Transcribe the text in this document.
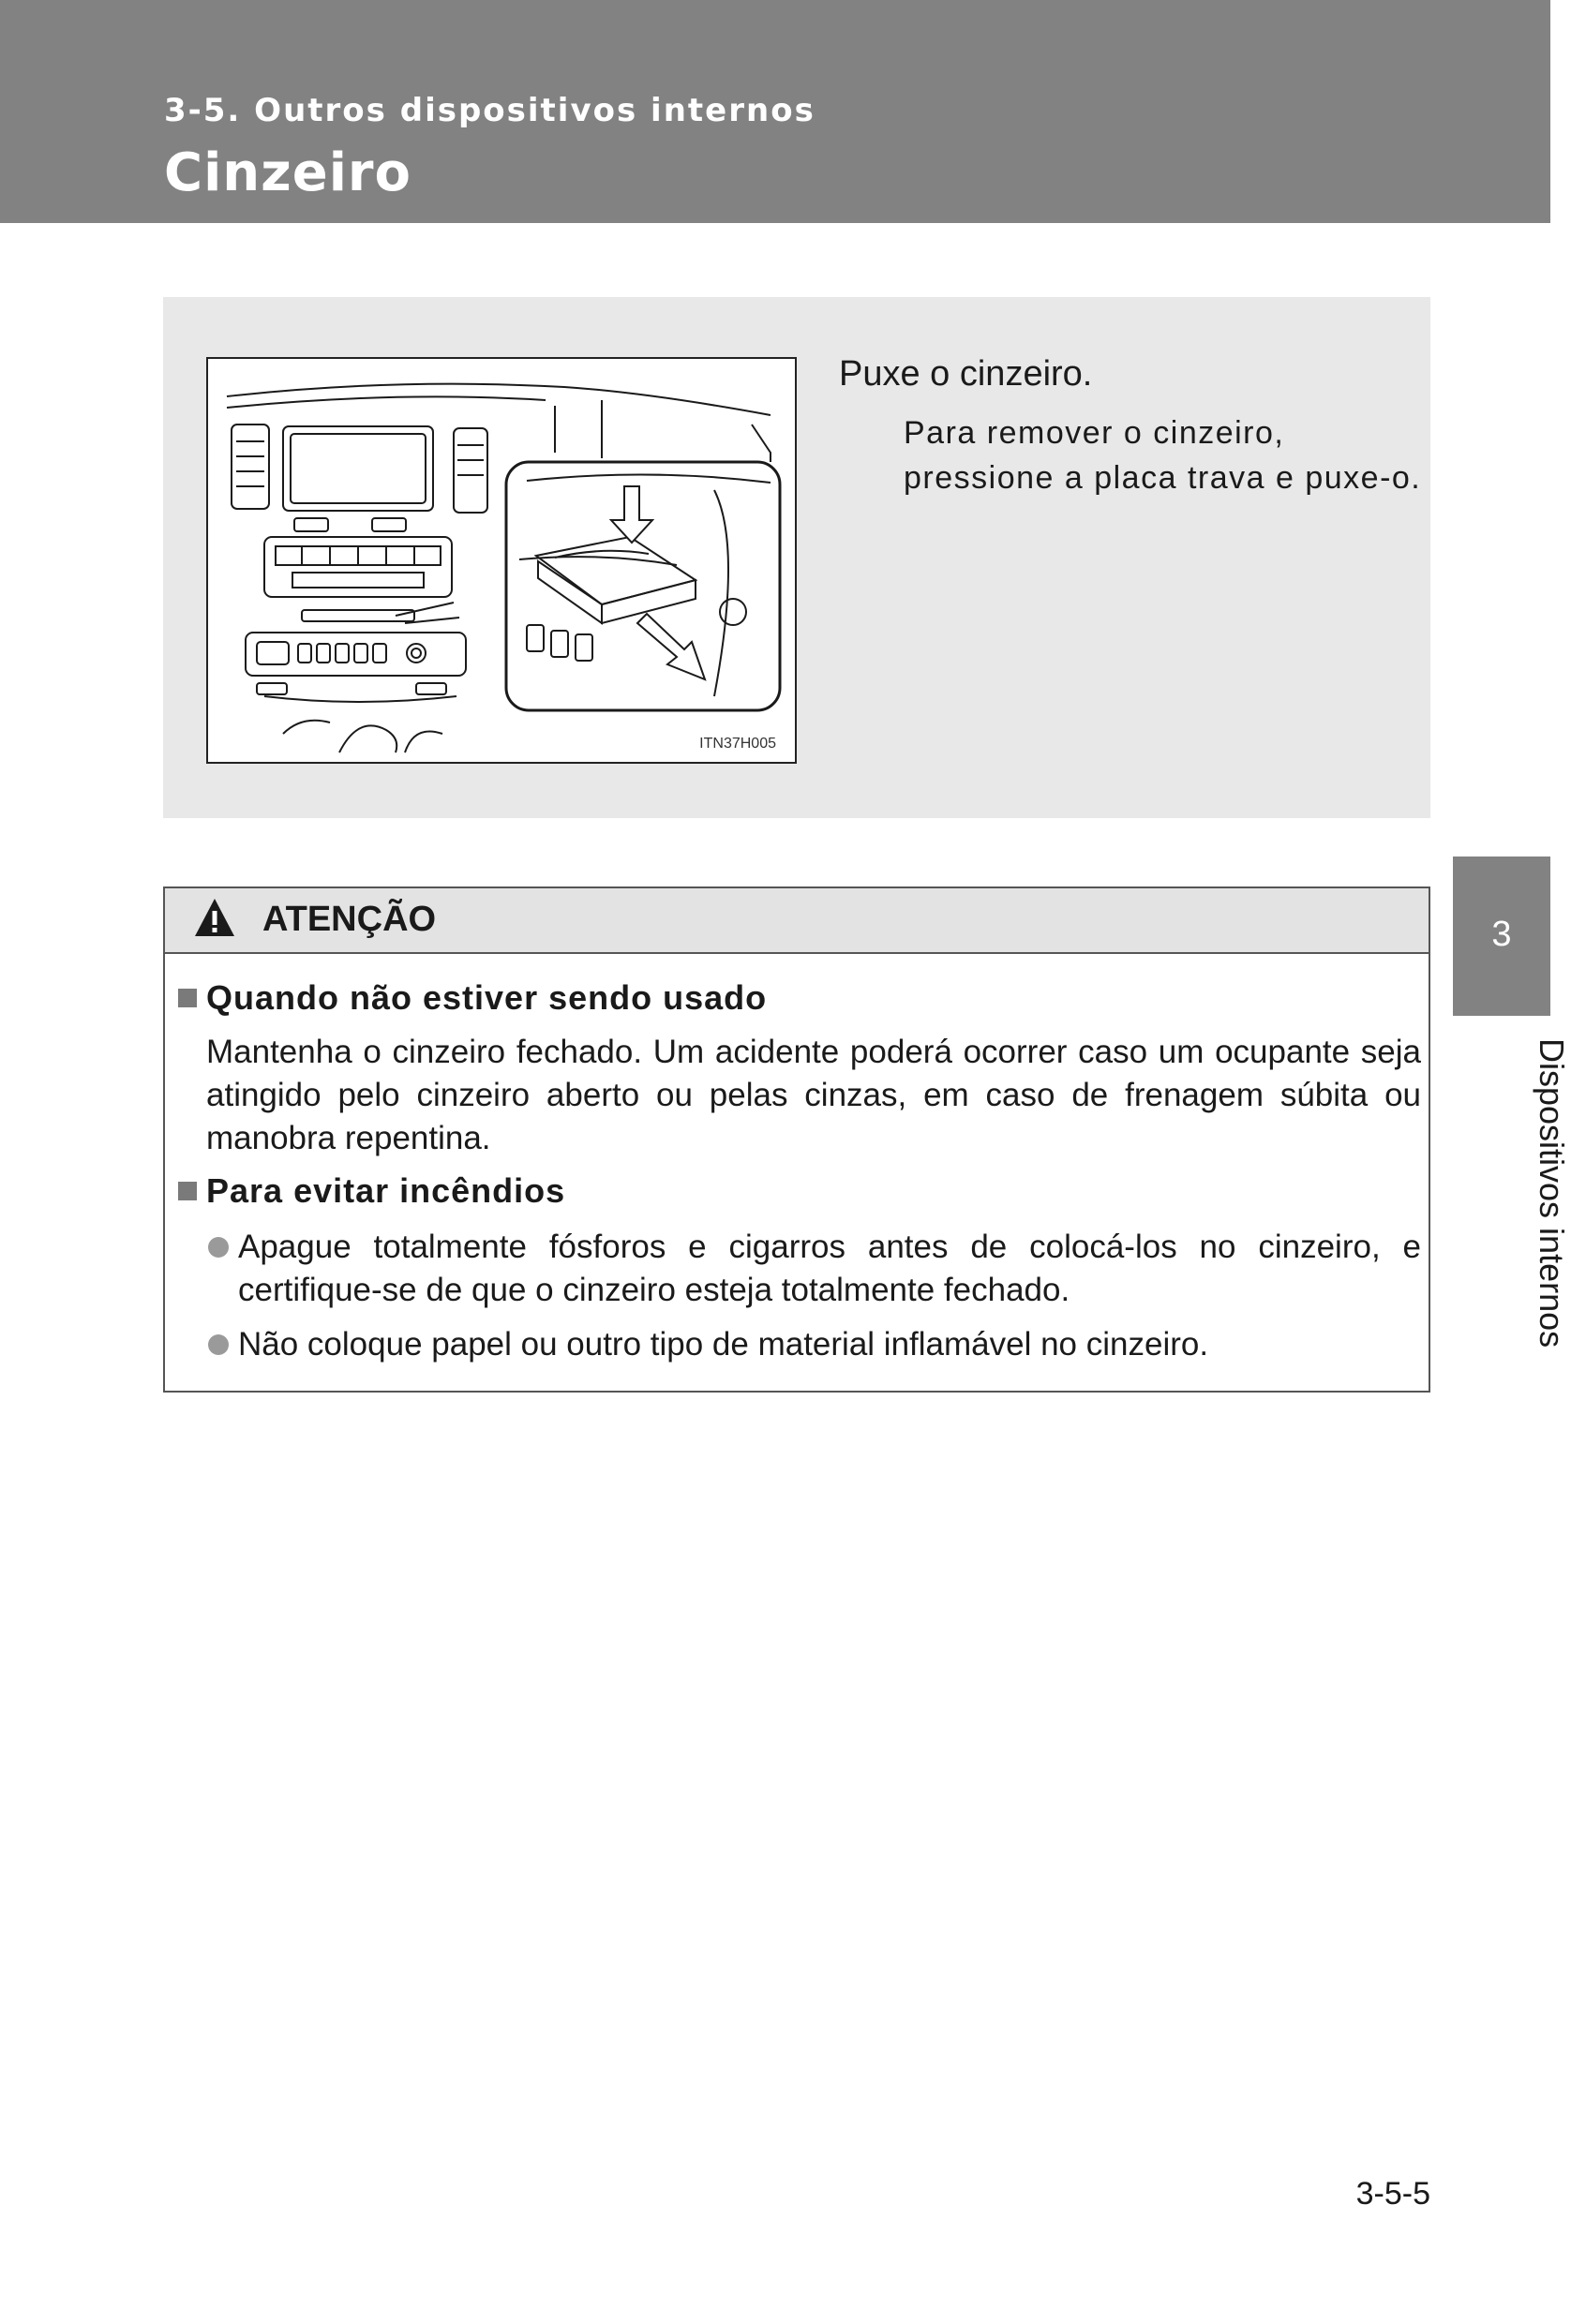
3-5. Outros dispositivos internos
Cinzeiro
ITN37H005
Puxe o cinzeiro.
Para remover o cinzeiro, pressione a placa trava e puxe-o.
ATENÇÃO
Quando não estiver sendo usado
Mantenha o cinzeiro fechado. Um acidente poderá ocorrer caso um ocupante seja atingido pelo cinzeiro aberto ou pelas cinzas, em caso de frenagem súbita ou manobra repentina.
Para evitar incêndios
Apague totalmente fósforos e cigarros antes de colocá-los no cinzeiro, e certifique-se de que o cinzeiro esteja totalmente fechado.
Não coloque papel ou outro tipo de material inflamável no cinzeiro.
3
Dispositivos internos
3-5-5
